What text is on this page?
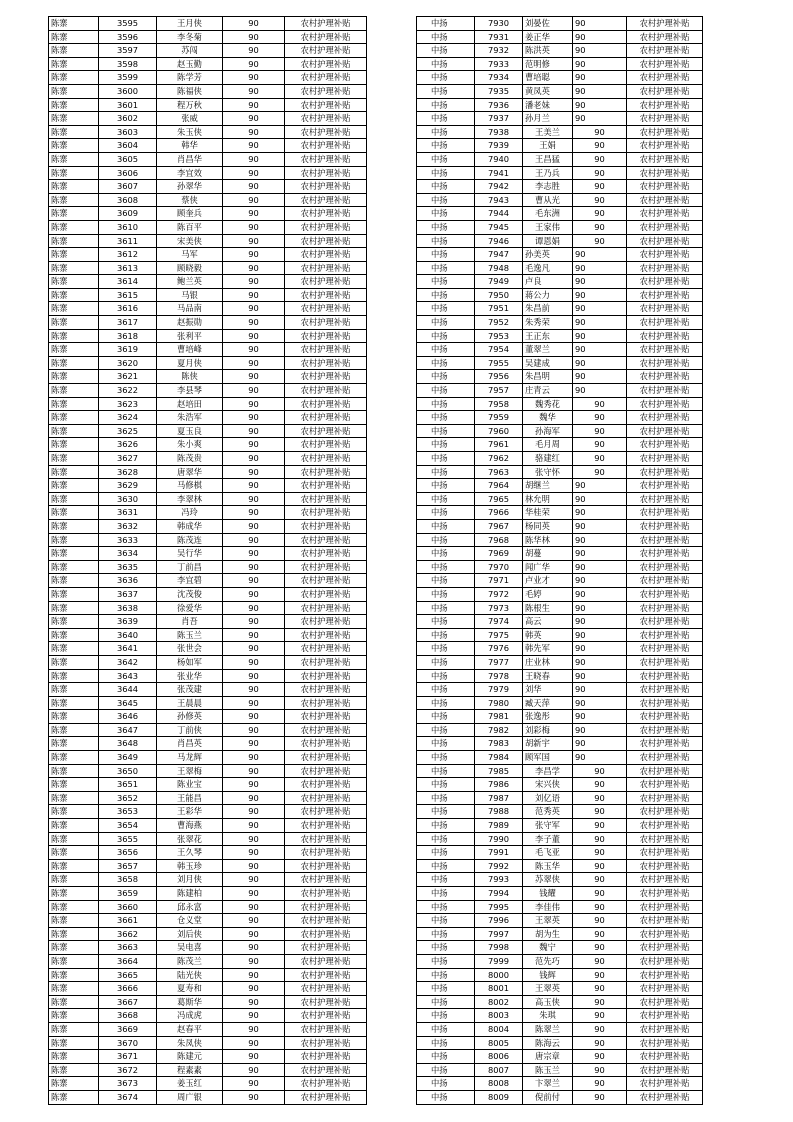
陈寨	3595	王月侠	90	农村护理补贴
陈寨	3596	李冬菊	90	农村护理补贴
陈寨	3597	苏闯	90	农村护理补贴
陈寨	3598	赵玉勤	90	农村护理补贴
陈寨	3599	陈学芳	90	农村护理补贴
陈寨	3600	陈福侠	90	农村护理补贴
陈寨	3601	程万秋	90	农村护理补贴
陈寨	3602	张威	90	农村护理补贴
陈寨	3603	朱玉侠	90	农村护理补贴
陈寨	3604	韩华	90	农村护理补贴
陈寨	3605	肖昌华	90	农村护理补贴
陈寨	3606	李宜效	90	农村护理补贴
陈寨	3607	孙翠华	90	农村护理补贴
陈寨	3608	蔡侠	90	农村护理补贴
陈寨	3609	顾奎兵	90	农村护理补贴
陈寨	3610	陈百平	90	农村护理补贴
陈寨	3611	宋美侠	90	农村护理补贴
陈寨	3612	马军	90	农村护理补贴
陈寨	3613	顾晓毅	90	农村护理补贴
陈寨	3614	鲍兰英	90	农村护理补贴
陈寨	3615	马银	90	农村护理补贴
陈寨	3616	马品南	90	农村护理补贴
陈寨	3617	赵振勋	90	农村护理补贴
陈寨	3618	张利平	90	农村护理补贴
陈寨	3619	曹培峰	90	农村护理补贴
陈寨	3620	夏月侠	90	农村护理补贴
陈寨	3621	陈侠	90	农村护理补贴
陈寨	3622	李县琴	90	农村护理补贴
陈寨	3623	赵培田	90	农村护理补贴
陈寨	3624	朱浩军	90	农村护理补贴
陈寨	3625	夏玉良	90	农村护理补贴
陈寨	3626	朱小爽	90	农村护理补贴
陈寨	3627	陈茂贵	90	农村护理补贴
陈寨	3628	唐翠华	90	农村护理补贴
陈寨	3629	马修棋	90	农村护理补贴
陈寨	3630	李翠林	90	农村护理补贴
陈寨	3631	冯玲	90	农村护理补贴
陈寨	3632	韩成华	90	农村护理补贴
陈寨	3633	陈茂连	90	农村护理补贴
陈寨	3634	吴行华	90	农村护理补贴
陈寨	3635	丁前昌	90	农村护理补贴
陈寨	3636	李宜碧	90	农村护理补贴
陈寨	3637	沈茂俊	90	农村护理补贴
陈寨	3638	徐爱华	90	农村护理补贴
陈寨	3639	肖吾	90	农村护理补贴
陈寨	3640	陈玉兰	90	农村护理补贴
陈寨	3641	张世会	90	农村护理补贴
陈寨	3642	杨如军	90	农村护理补贴
陈寨	3643	张业华	90	农村护理补贴
陈寨	3644	张茂建	90	农村护理补贴
陈寨	3645	王晨晨	90	农村护理补贴
陈寨	3646	孙修英	90	农村护理补贴
陈寨	3647	丁前侠	90	农村护理补贴
陈寨	3648	肖昌英	90	农村护理补贴
陈寨	3649	马龙辉	90	农村护理补贴
陈寨	3650	王翠梅	90	农村护理补贴
陈寨	3651	陈业宝	90	农村护理补贴
陈寨	3652	王能昌	90	农村护理补贴
陈寨	3653	王彩华	90	农村护理补贴
陈寨	3654	曹海燕	90	农村护理补贴
陈寨	3655	张翠花	90	农村护理补贴
陈寨	3656	王久琴	90	农村护理补贴
陈寨	3657	韩玉珍	90	农村护理补贴
陈寨	3658	刘月侠	90	农村护理补贴
陈寨	3659	陈建柏	90	农村护理补贴
陈寨	3660	邱永富	90	农村护理补贴
陈寨	3661	仓义堂	90	农村护理补贴
陈寨	3662	刘后侠	90	农村护理补贴
陈寨	3663	吴电喜	90	农村护理补贴
陈寨	3664	陈茂兰	90	农村护理补贴
陈寨	3665	陆光侠	90	农村护理补贴
陈寨	3666	夏寿和	90	农村护理补贴
陈寨	3667	葛斯华	90	农村护理补贴
陈寨	3668	冯成虎	90	农村护理补贴
陈寨	3669	赵春平	90	农村护理补贴
陈寨	3670	朱凤侠	90	农村护理补贴
陈寨	3671	陈建元	90	农村护理补贴
陈寨	3672	程素素	90	农村护理补贴
陈寨	3673	姜玉红	90	农村护理补贴
陈寨	3674	周广银	90	农村护理补贴
中扬	7930	刘晏佐	90	农村护理补贴
中扬	7931	姜正华	90	农村护理补贴
中扬	7932	陈洪英	90	农村护理补贴
中扬	7933	范明修	90	农村护理补贴
中扬	7934	曹培聪	90	农村护理补贴
中扬	7935	黄凤英	90	农村护理补贴
中扬	7936	潘老妹	90	农村护理补贴
中扬	7937	孙月兰	90	农村护理补贴
中扬	7938	王美兰	90	农村护理补贴
中扬	7939	王娟	90	农村护理补贴
中扬	7940	王昌猛	90	农村护理补贴
中扬	7941	王乃兵	90	农村护理补贴
中扬	7942	李志胜	90	农村护理补贴
中扬	7943	曹从光	90	农村护理补贴
中扬	7944	毛东洲	90	农村护理补贴
中扬	7945	王家伟	90	农村护理补贴
中扬	7946	谭恩娟	90	农村护理补贴
中扬	7947	孙美英	90	农村护理补贴
中扬	7948	毛逸凡	90	农村护理补贴
中扬	7949	卢良	90	农村护理补贴
中扬	7950	蒋公力	90	农村护理补贴
中扬	7951	朱昌前	90	农村护理补贴
中扬	7952	朱秀荣	90	农村护理补贴
中扬	7953	王正东	90	农村护理补贴
中扬	7954	董翠兰	90	农村护理补贴
中扬	7955	吴建成	90	农村护理补贴
中扬	7956	朱昌明	90	农村护理补贴
中扬	7957	庄青云	90	农村护理补贴
中扬	7958	魏秀花	90	农村护理补贴
中扬	7959	魏华	90	农村护理补贴
中扬	7960	孙海军	90	农村护理补贴
中扬	7961	毛月周	90	农村护理补贴
中扬	7962	骆建红	90	农村护理补贴
中扬	7963	张守怀	90	农村护理补贴
中扬	7964	胡继兰	90	农村护理补贴
中扬	7965	林允明	90	农村护理补贴
中扬	7966	华桂荣	90	农村护理补贴
中扬	7967	杨同英	90	农村护理补贴
中扬	7968	陈华林	90	农村护理补贴
中扬	7969	胡蔓	90	农村护理补贴
中扬	7970	闻广华	90	农村护理补贴
中扬	7971	卢业才	90	农村护理补贴
中扬	7972	毛婷	90	农村护理补贴
中扬	7973	陈根生	90	农村护理补贴
中扬	7974	高云	90	农村护理补贴
中扬	7975	韩英	90	农村护理补贴
中扬	7976	韩先军	90	农村护理补贴
中扬	7977	庄业林	90	农村护理补贴
中扬	7978	王晓春	90	农村护理补贴
中扬	7979	刘华	90	农村护理补贴
中扬	7980	臧天萍	90	农村护理补贴
中扬	7981	张逸彤	90	农村护理补贴
中扬	7982	刘彩梅	90	农村护理补贴
中扬	7983	胡新宇	90	农村护理补贴
中扬	7984	顾军国	90	农村护理补贴
中扬	7985	李昌学	90	农村护理补贴
中扬	7986	宋兴侠	90	农村护理补贴
中扬	7987	刘亿语	90	农村护理补贴
中扬	7988	范秀英	90	农村护理补贴
中扬	7989	张守军	90	农村护理补贴
中扬	7990	李子董	90	农村护理补贴
中扬	7991	毛飞亚	90	农村护理补贴
中扬	7992	陈玉华	90	农村护理补贴
中扬	7993	苏翠侠	90	农村护理补贴
中扬	7994	钱耀	90	农村护理补贴
中扬	7995	李佳伟	90	农村护理补贴
中扬	7996	王翠英	90	农村护理补贴
中扬	7997	胡为生	90	农村护理补贴
中扬	7998	魏宁	90	农村护理补贴
中扬	7999	范先巧	90	农村护理补贴
中扬	8000	钱辉	90	农村护理补贴
中扬	8001	王翠英	90	农村护理补贴
中扬	8002	高玉侠	90	农村护理补贴
中扬	8003	朱琪	90	农村护理补贴
中扬	8004	陈翠兰	90	农村护理补贴
中扬	8005	陈海云	90	农村护理补贴
中扬	8006	唐宗章	90	农村护理补贴
中扬	8007	陈玉兰	90	农村护理补贴
中扬	8008	卞翠兰	90	农村护理补贴
中扬	8009	倪前付	90	农村护理补贴
